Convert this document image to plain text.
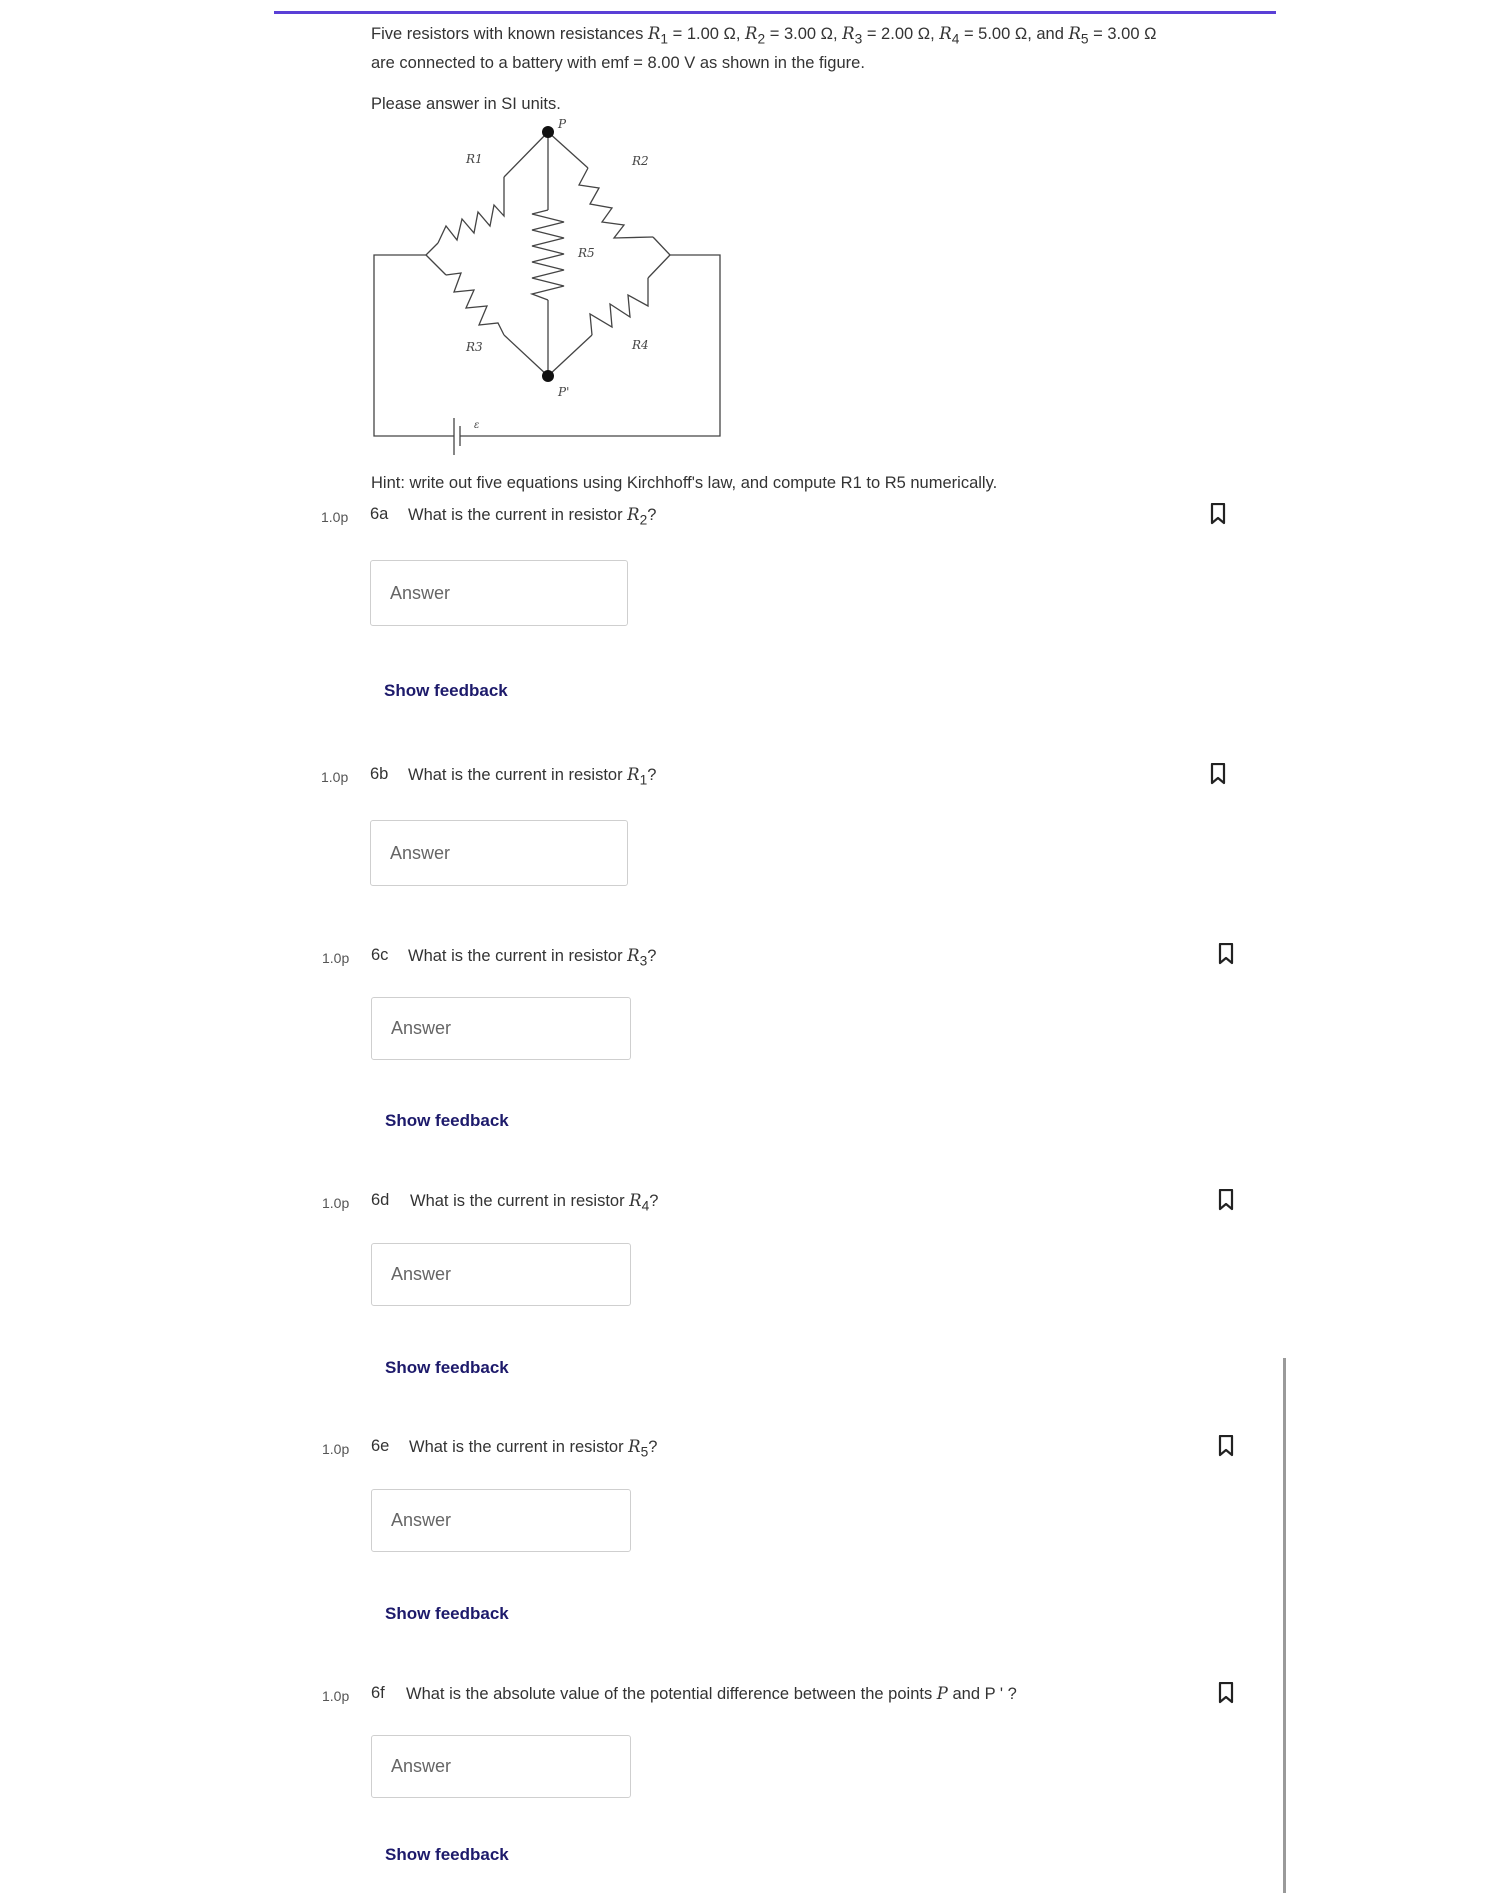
Five resistors with known resistances $R_1 = 1.00$ Ω, $R_2 = 3.00$ Ω, $R_3 = 2.00$ Ω, $R_4 = 5.00$ Ω, and $R_5 = 3.00$ Ω
are connected to a battery with emf = 8.00 V as shown in the figure.
Please answer in SI units.
P
P'
R1	R2
R5
R3	R4
ε
Hint: write out five equations using Kirchhoff's law, and compute R1 to R5 numerically.
1.0p 6a What is the current in resistor $R_2$?
Answer
Show feedback
1.0p 6b What is the current in resistor $R_1$?
Answer
1.0p 6c What is the current in resistor $R_3$?
Answer
Show feedback
1.0p 6d What is the current in resistor $R_4$?
Answer
Show feedback
1.0p 6e What is the current in resistor $R_5$?
Answer
Show feedback
1.0p 6f What is the absolute value of the potential difference between the points P and P ' ?
Answer
Show feedback
